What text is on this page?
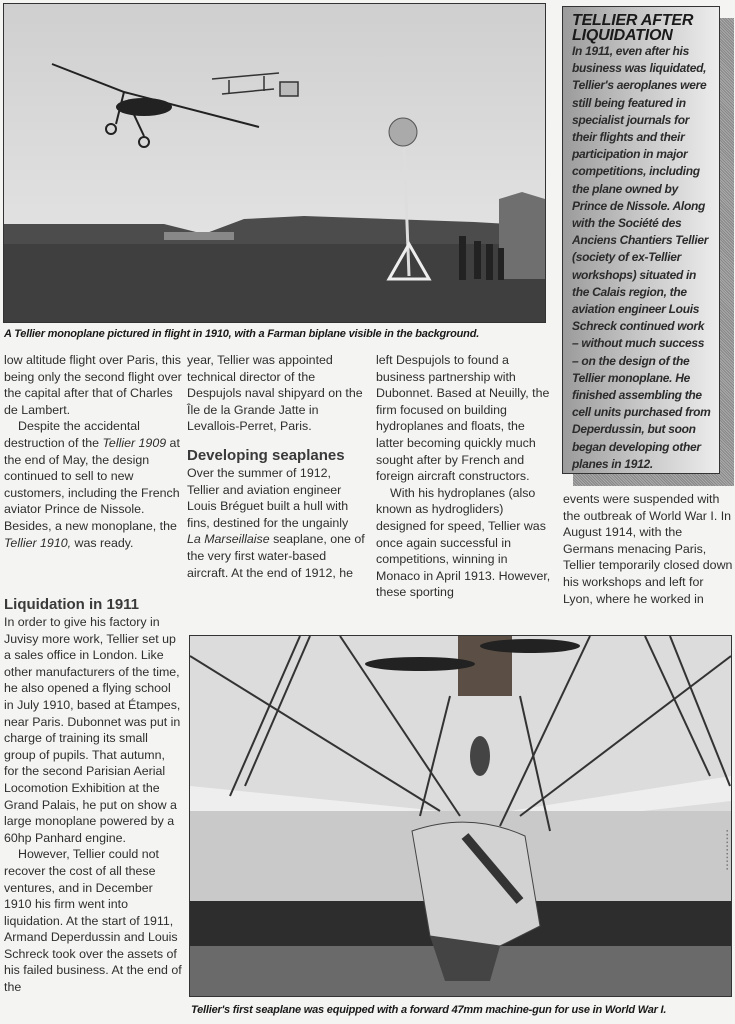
A Tellier monoplane pictured in flight in 1910, with a Farman biplane visible in the background.
TELLIER AFTER
LIQUIDATION

In 1911, even after his business was liquidated, Tellier's aeroplanes were still being featured in specialist journals for their flights and their participation in major competitions, including the plane owned by Prince de Nissole. Along with the Société des Anciens Chantiers Tellier (society of ex-Tellier workshops) situated in the Calais region, the aviation engineer Louis Schreck continued work – without much success – on the design of the Tellier monoplane. He finished assembling the cell units purchased from Deperdussin, but soon began developing other planes in 1912.

low altitude flight over Paris, this being only the second flight over the capital after that of Charles de Lambert.

Despite the accidental destruction of the Tellier 1909 at the end of May, the design continued to sell to new customers, including the French aviator Prince de Nissole. Besides, a new monoplane, the Tellier 1910, was ready.

Liquidation in 1911

In order to give his factory in Juvisy more work, Tellier set up a sales office in London. Like other manufacturers of the time, he also opened a flying school in July 1910, based at Étampes, near Paris. Dubonnet was put in charge of training its small group of pupils. That autumn, for the second Parisian Aerial Locomotion Exhibition at the Grand Palais, he put on show a large monoplane powered by a 60hp Panhard engine.

However, Tellier could not recover the cost of all these ventures, and in December 1910 his firm went into liquidation. At the start of 1911, Armand Deperdussin and Louis Schreck took over the assets of his failed business. At the end of the

year, Tellier was appointed technical director of the Despujols naval shipyard on the Île de la Grande Jatte in Levallois-Perret, Paris.

Developing seaplanes

Over the summer of 1912, Tellier and aviation engineer Louis Bréguet built a hull with fins, destined for the ungainly La Marseillaise seaplane, one of the very first water-based aircraft. At the end of 1912, he

left Despujols to found a business partnership with Dubonnet. Based at Neuilly, the firm focused on building hydroplanes and floats, the latter becoming quickly much sought after by French and foreign aircraft constructors.

With his hydroplanes (also known as hydrogliders) designed for speed, Tellier was once again successful in competitions, winning in Monaco in April 1913. However, these sporting

events were suspended with the outbreak of World War I. In August 1914, with the Germans menacing Paris, Tellier temporarily closed down his workshops and left for Lyon, where he worked in

Tellier's first seaplane was equipped with a forward 47mm machine-gun for use in World War I.
▪ ▪ ▪ ▪ ▪ ▪ ▪ ▪ ▪ ▪ ▪
